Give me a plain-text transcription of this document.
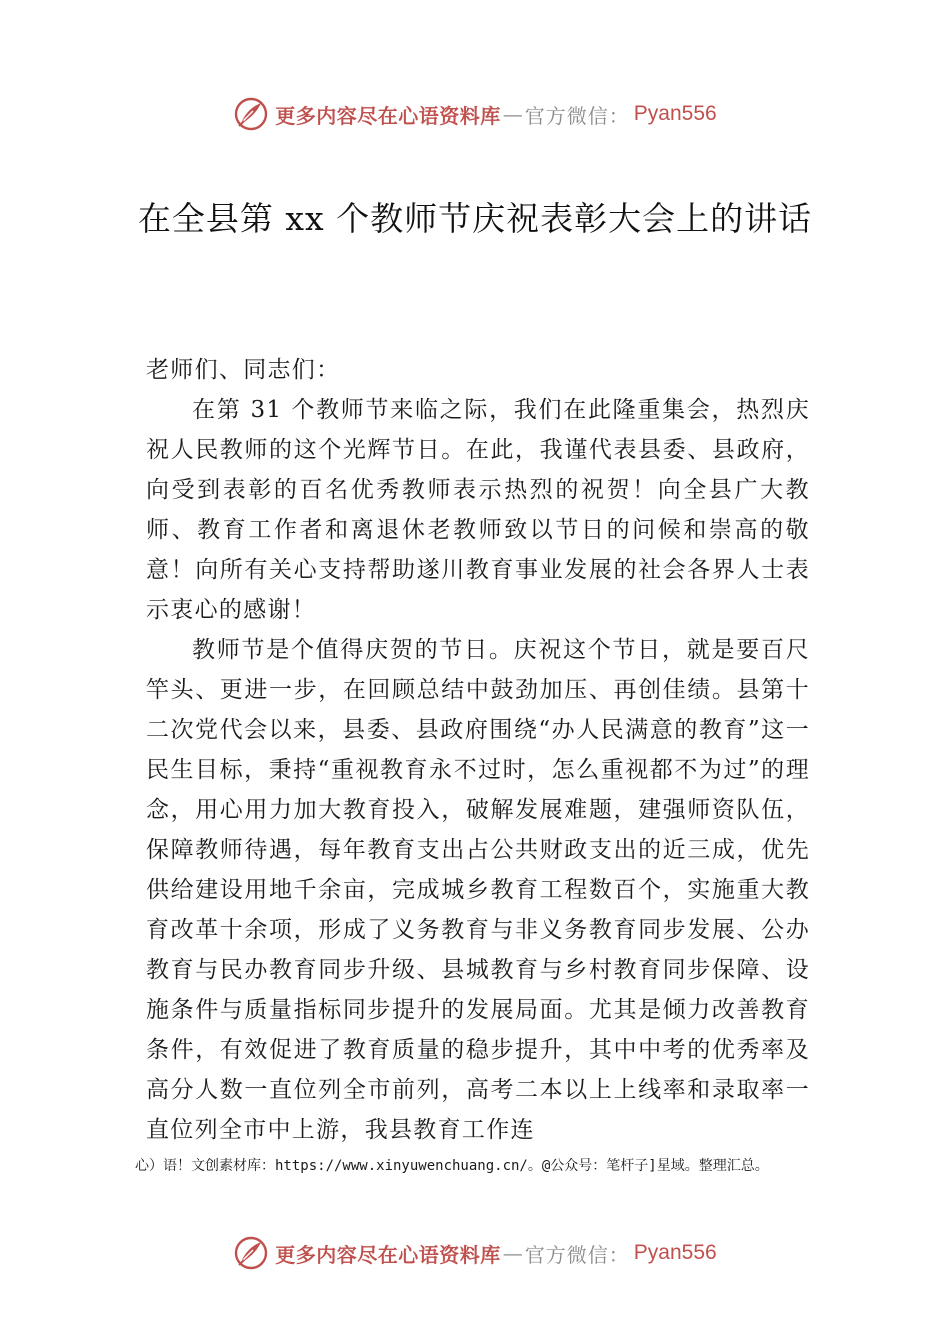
更多内容尽在心语资料库 — 官方微信： Pyan556
在全县第 xx 个教师节庆祝表彰大会上的讲话

老师们、同志们：

在第 31 个教师节来临之际，我们在此隆重集会，热烈庆祝人民教师的这个光辉节日。在此，我谨代表县委、县政府，向受到表彰的百名优秀教师表示热烈的祝贺！向全县广大教师、教育工作者和离退休老教师致以节日的问候和崇高的敬意！向所有关心支持帮助遂川教育事业发展的社会各界人士表示衷心的感谢！

教师节是个值得庆贺的节日。庆祝这个节日，就是要百尺竿头、更进一步，在回顾总结中鼓劲加压、再创佳绩。县第十二次党代会以来，县委、县政府围绕“办人民满意的教育”这一民生目标，秉持“重视教育永不过时，怎么重视都不为过”的理念，用心用力加大教育投入，破解发展难题，建强师资队伍，保障教师待遇，每年教育支出占公共财政支出的近三成，优先供给建设用地千余亩，完成城乡教育工程数百个，实施重大教育改革十余项，形成了义务教育与非义务教育同步发展、公办教育与民办教育同步升级、县城教育与乡村教育同步保障、设施条件与质量指标同步提升的发展局面。尤其是倾力改善教育条件，有效促进了教育质量的稳步提升，其中中考的优秀率及高分人数一直位列全市前列，高考二本以上上线率和录取率一直位列全市中上游，我县教育工作连

心）语！文创素材库：https://www.xinyuwenchuang.cn/。@公众号：笔杆子]星域。整理汇总。
更多内容尽在心语资料库 — 官方微信： Pyan556
